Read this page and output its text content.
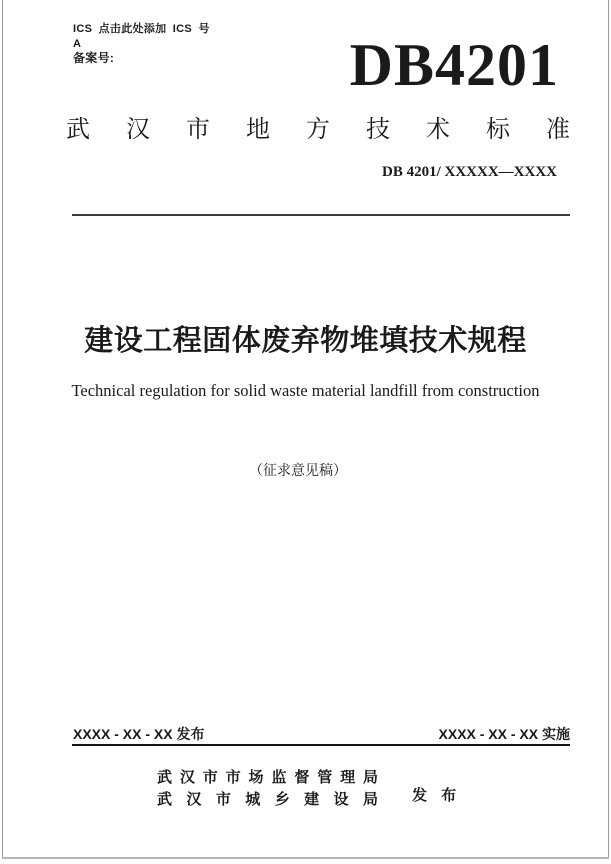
ICS 点击此处添加 ICS 号
A
备案号:	DB4201
武 汉 市 地 方 技 术 标 准
DB 4201/ XXXXX—XXXX
建设工程固体废弃物堆填技术规程
Technical regulation for solid waste material landfill from construction
（征求意见稿）
XXXX - XX - XX 发布	XXXX - XX - XX 实施
武 汉 市 市 场 监 督 管 理 局
武 汉 市 城 乡 建 设 局 发 布
